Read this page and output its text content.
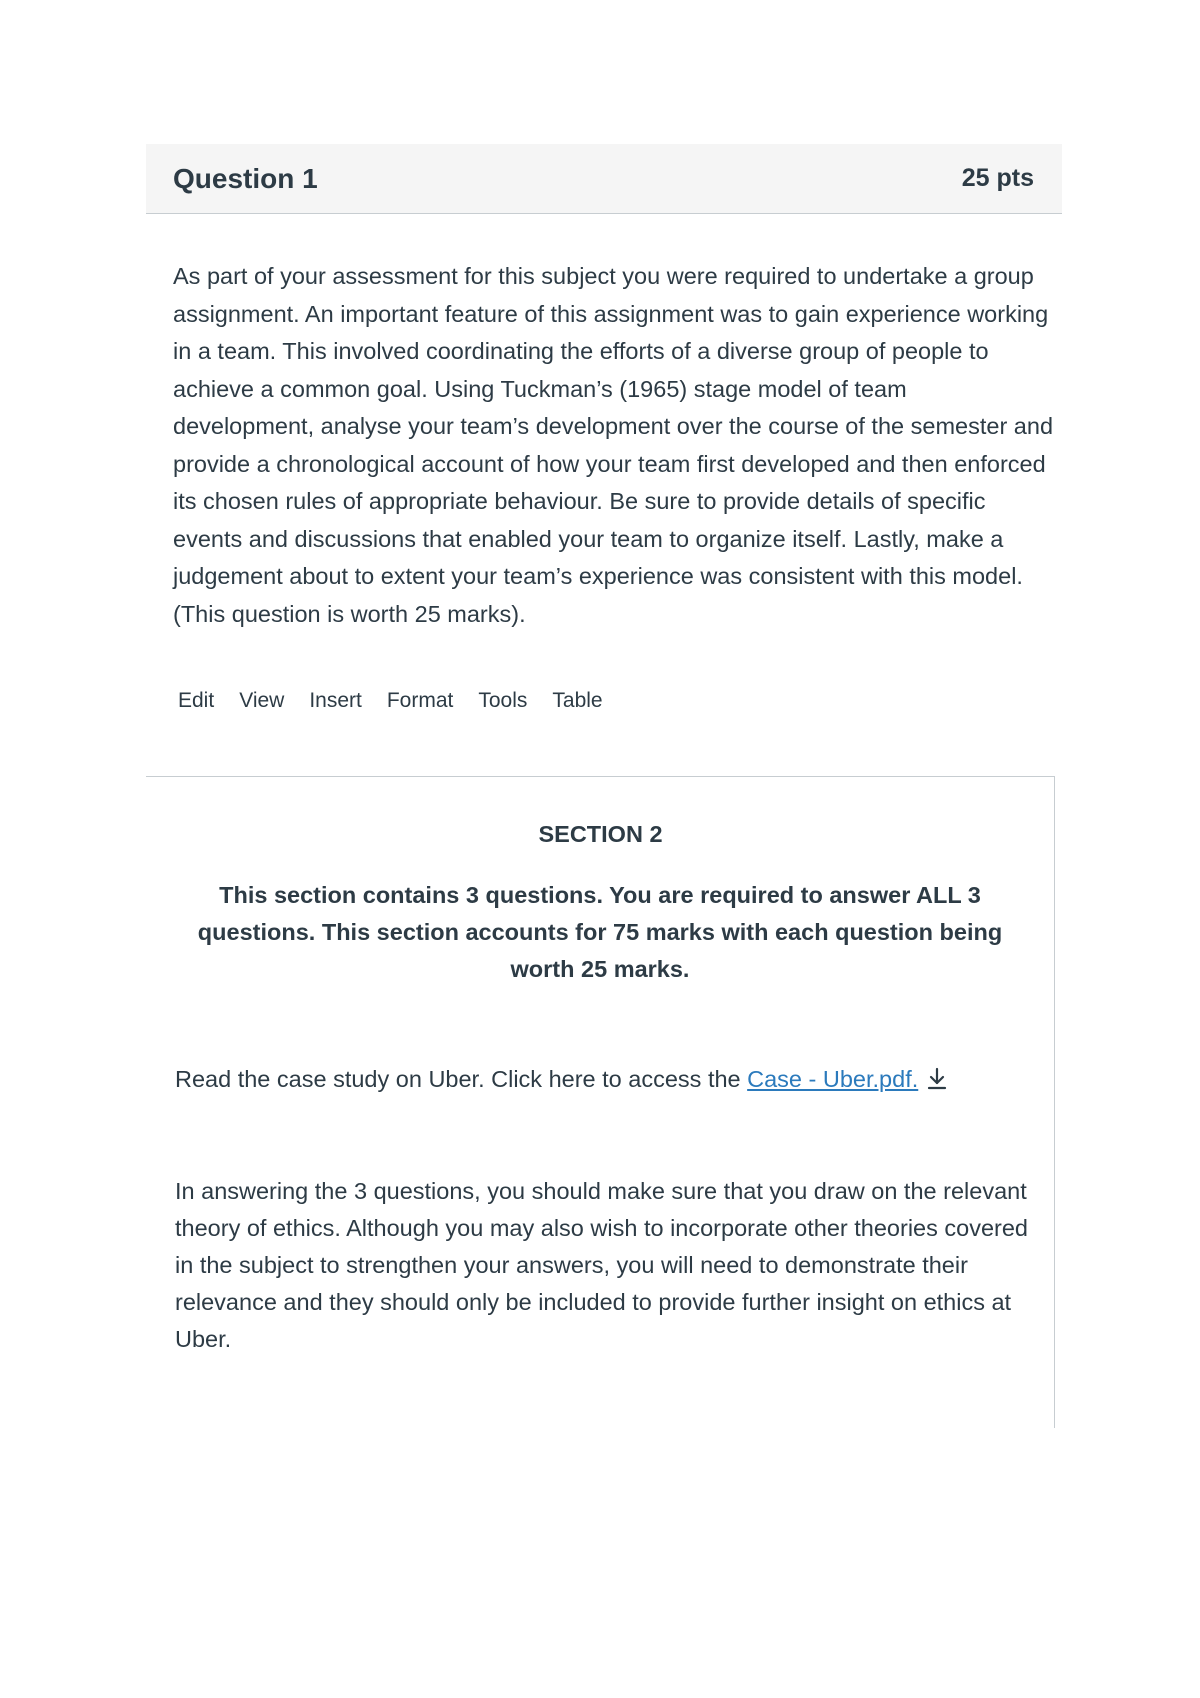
Question 1	25 pts

As part of your assessment for this subject you were required to undertake a group assignment. An important feature of this assignment was to gain experience working in a team. This involved coordinating the efforts of a diverse group of people to achieve a common goal. Using Tuckman’s (1965) stage model of team development, analyse your team’s development over the course of the semester and provide a chronological account of how your team first developed and then enforced its chosen rules of appropriate behaviour. Be sure to provide details of specific events and discussions that enabled your team to organize itself. Lastly, make a judgement about to extent your team’s experience was consistent with this model. (This question is worth 25 marks).

Edit View Insert Format Tools Table

SECTION 2

This section contains 3 questions. You are required to answer ALL 3 questions. This section accounts for 75 marks with each question being worth 25 marks.

Read the case study on Uber. Click here to access the Case - Uber.pdf.

In answering the 3 questions, you should make sure that you draw on the relevant theory of ethics. Although you may also wish to incorporate other theories covered in the subject to strengthen your answers, you will need to demonstrate their relevance and they should only be included to provide further insight on ethics at Uber.
